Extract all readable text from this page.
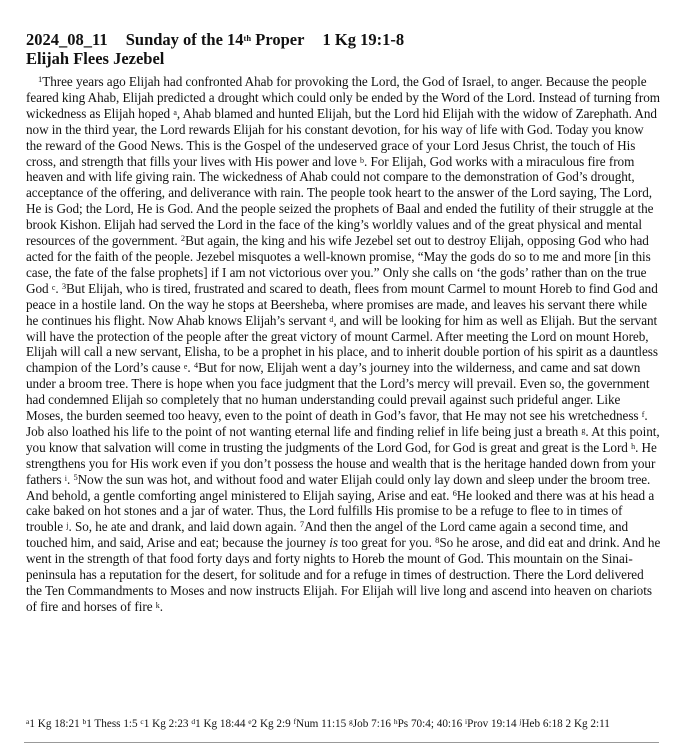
2024_08_11 Sunday of the 14th Proper 1 Kg 19:1-8
Elijah Flees Jezebel
$^1$Three years ago Elijah had confronted Ahab for provoking the Lord, the God of Israel, to anger. Because the people feared king Ahab, Elijah predicted a drought which could only be ended by the Word of the Lord. Instead of turning from wickedness as Elijah hoped $^a$, Ahab blamed and hunted Elijah, but the Lord hid Elijah with the widow of Zarephath. And now in the third year, the Lord rewards Elijah for his constant devotion, for his way of life with God. Today you know the reward of the Good News. This is the Gospel of the undeserved grace of your Lord Jesus Christ, the touch of His cross, and strength that fills your lives with His power and love $^b$. For Elijah, God works with a miraculous fire from heaven and with life giving rain. The wickedness of Ahab could not compare to the demonstration of God’s drought, acceptance of the offering, and deliverance with rain. The people took heart to the answer of the Lord saying, The Lord, He is God; the Lord, He is God. And the people seized the prophets of Baal and ended the futility of their struggle at the brook Kishon. Elijah had served the Lord in the face of the king’s worldly values and of the great physical and mental resources of the government. $^2$But again, the king and his wife Jezebel set out to destroy Elijah, opposing God who had acted for the faith of the people. Jezebel misquotes a well-known promise, “May the gods do so to me and more [in this case, the fate of the false prophets] if I am not victorious over you.” Only she calls on ‘the gods’ rather than on the true God $^c$. $^3$But Elijah, who is tired, frustrated and scared to death, flees from mount Carmel to mount Horeb to find God and peace in a hostile land. On the way he stops at Beersheba, where promises are made, and leaves his servant there while he continues his flight. Now Ahab knows Elijah’s servant $^d$, and will be looking for him as well as Elijah. But the servant will have the protection of the people after the great victory of mount Carmel. After meeting the Lord on mount Horeb, Elijah will call a new servant, Elisha, to be a prophet in his place, and to inherit double portion of his spirit as a dauntless champion of the Lord’s cause $^e$. $^4$But for now, Elijah went a day’s journey into the wilderness, and came and sat down under a broom tree. There is hope when you face judgment that the Lord’s mercy will prevail. Even so, the government had condemned Elijah so completely that no human understanding could prevail against such prideful anger. Like Moses, the burden seemed too heavy, even to the point of death in God’s favor, that He may not see his wretchedness $^f$. Job also loathed his life to the point of not wanting eternal life and finding relief in life being just a breath $^g$. At this point, you know that salvation will come in trusting the judgments of the Lord God, for God is great and great is the Lord $^h$. He strengthens you for His work even if you don’t possess the house and wealth that is the heritage handed down from your fathers $^i$. $^5$Now the sun was hot, and without food and water Elijah could only lay down and sleep under the broom tree. And behold, a gentle comforting angel ministered to Elijah saying, Arise and eat. $^6$He looked and there was at his head a cake baked on hot stones and a jar of water. Thus, the Lord fulfills His promise to be a refuge to flee to in times of trouble $^j$. So, he ate and drank, and laid down again. $^7$And then the angel of the Lord came again a second time, and touched him, and said, Arise and eat; because the journey is too great for you. $^8$So he arose, and did eat and drink. And he went in the strength of that food forty days and forty nights to Horeb the mount of God. This mountain on the Sinai-peninsula has a reputation for the desert, for solitude and for a refuge in times of destruction. There the Lord delivered the Ten Commandments to Moses and now instructs Elijah. For Elijah will live long and ascend into heaven on chariots of fire and horses of fire $^k$.
$^a$1 Kg 18:21 $^b$1 Thess 1:5 $^c$1 Kg 2:23 $^d$1 Kg 18:44 $^e$2 Kg 2:9 $^f$Num 11:15 $^g$Job 7:16 $^h$Ps 70:4; 40:16 $^i$Prov 19:14 $^j$Heb 6:18 2 Kg 2:11
